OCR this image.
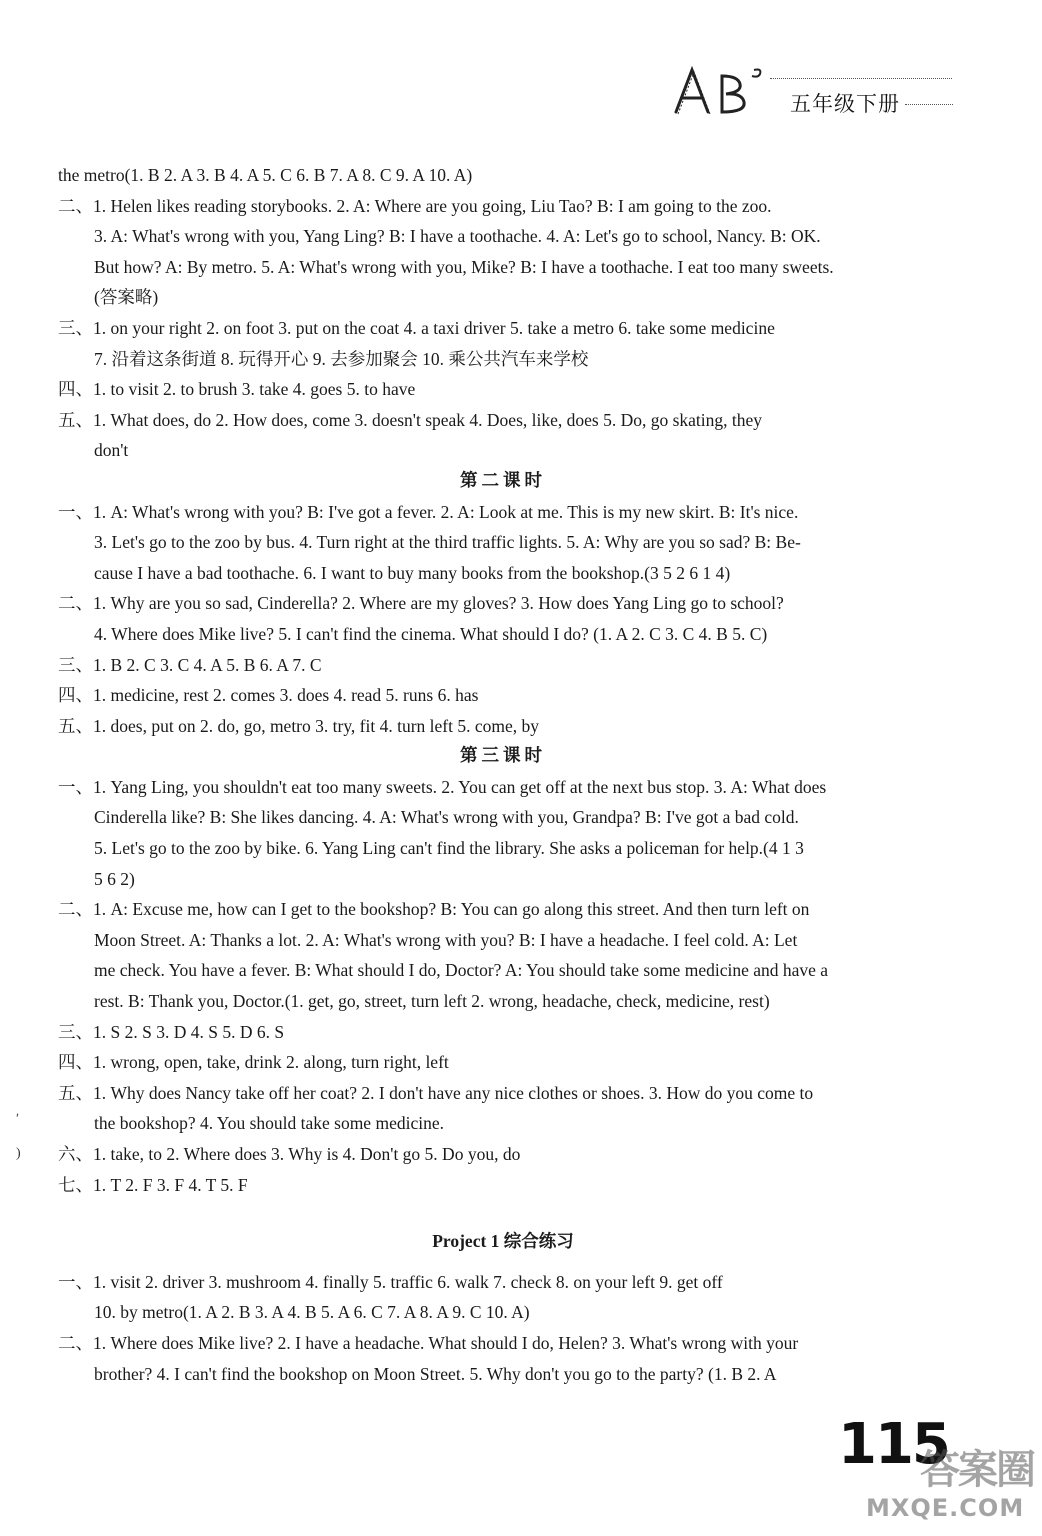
五年级下册
the metro(1. B 2. A 3. B 4. A 5. C 6. B 7. A 8. C 9. A 10. A)
二、1. Helen likes reading storybooks. 2. A: Where are you going, Liu Tao? B: I am going to the zoo.
3. A: What's wrong with you, Yang Ling? B: I have a toothache. 4. A: Let's go to school, Nancy. B: OK.
But how? A: By metro. 5. A: What's wrong with you, Mike? B: I have a toothache. I eat too many sweets.
(答案略)
三、1. on your right 2. on foot 3. put on the coat 4. a taxi driver 5. take a metro 6. take some medicine
7. 沿着这条街道 8. 玩得开心 9. 去参加聚会 10. 乘公共汽车来学校
四、1. to visit 2. to brush 3. take 4. goes 5. to have
五、1. What does, do 2. How does, come 3. doesn't speak 4. Does, like, does 5. Do, go skating, they
don't
第二课时
一、1. A: What's wrong with you? B: I've got a fever. 2. A: Look at me. This is my new skirt. B: It's nice.
3. Let's go to the zoo by bus. 4. Turn right at the third traffic lights. 5. A: Why are you so sad? B: Be-
cause I have a bad toothache. 6. I want to buy many books from the bookshop.(3 5 2 6 1 4)
二、1. Why are you so sad, Cinderella? 2. Where are my gloves? 3. How does Yang Ling go to school?
4. Where does Mike live? 5. I can't find the cinema. What should I do? (1. A 2. C 3. C 4. B 5. C)
三、1. B 2. C 3. C 4. A 5. B 6. A 7. C
四、1. medicine, rest 2. comes 3. does 4. read 5. runs 6. has
五、1. does, put on 2. do, go, metro 3. try, fit 4. turn left 5. come, by
第三课时
一、1. Yang Ling, you shouldn't eat too many sweets. 2. You can get off at the next bus stop. 3. A: What does
Cinderella like? B: She likes dancing. 4. A: What's wrong with you, Grandpa? B: I've got a bad cold.
5. Let's go to the zoo by bike. 6. Yang Ling can't find the library. She asks a policeman for help.(4 1 3
5 6 2)
二、1. A: Excuse me, how can I get to the bookshop? B: You can go along this street. And then turn left on
Moon Street. A: Thanks a lot. 2. A: What's wrong with you? B: I have a headache. I feel cold. A: Let
me check. You have a fever. B: What should I do, Doctor? A: You should take some medicine and have a
rest. B: Thank you, Doctor.(1. get, go, street, turn left 2. wrong, headache, check, medicine, rest)
三、1. S 2. S 3. D 4. S 5. D 6. S
四、1. wrong, open, take, drink 2. along, turn right, left
五、1. Why does Nancy take off her coat? 2. I don't have any nice clothes or shoes. 3. How do you come to
the bookshop? 4. You should take some medicine.
六、1. take, to 2. Where does 3. Why is 4. Don't go 5. Do you, do
七、1. T 2. F 3. F 4. T 5. F
Project 1 综合练习
一、1. visit 2. driver 3. mushroom 4. finally 5. traffic 6. walk 7. check 8. on your left 9. get off
10. by metro(1. A 2. B 3. A 4. B 5. A 6. C 7. A 8. A 9. C 10. A)
二、1. Where does Mike live? 2. I have a headache. What should I do, Helen? 3. What's wrong with your
brother? 4. I can't find the bookshop on Moon Street. 5. Why don't you go to the party? (1. B 2. A
ʹ
)
115
答案圈
MXQE.COM
